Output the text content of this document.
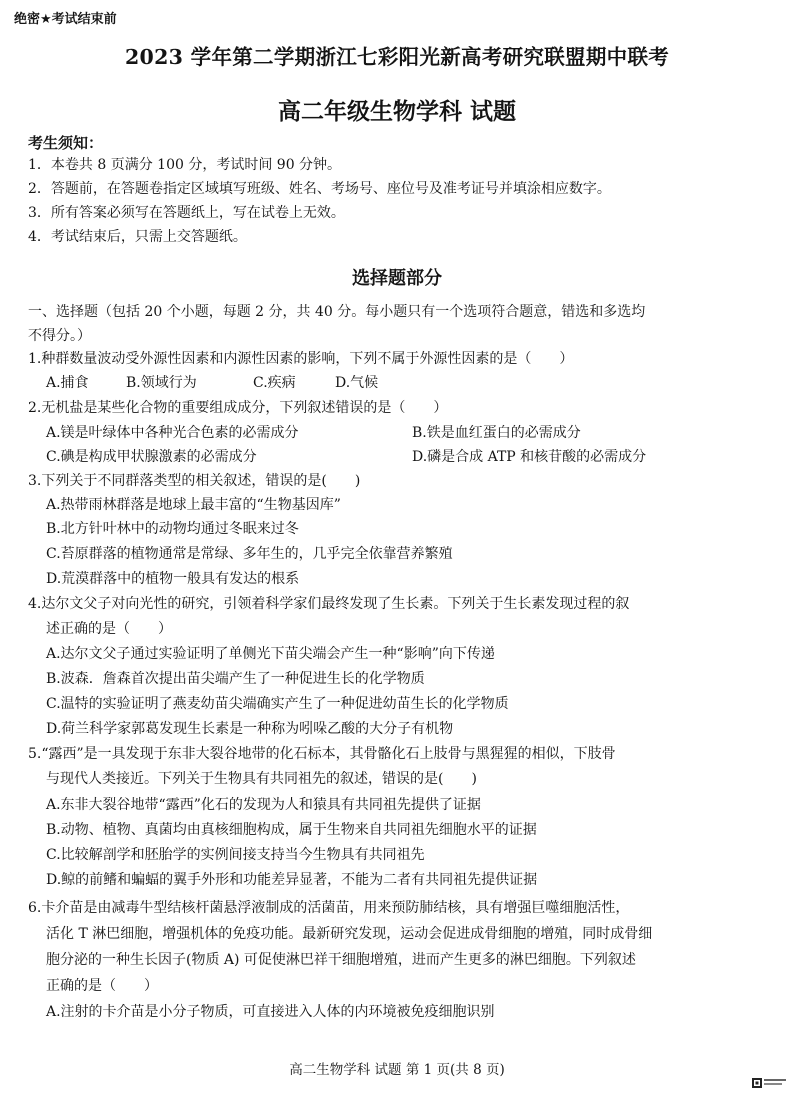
绝密★考试结束前
2023 学年第二学期浙江七彩阳光新高考研究联盟期中联考
高二年级生物学科 试题
考生须知：
1．本卷共 8 页满分 100 分，考试时间 90 分钟。
2．答题前，在答题卷指定区域填写班级、姓名、考场号、座位号及准考证号并填涂相应数字。
3．所有答案必须写在答题纸上，写在试卷上无效。
4．考试结束后，只需上交答题纸。
选择题部分
一、选择题（包括 20 个小题，每题 2 分，共 40 分。每小题只有一个选项符合题意，错选和多选均
不得分。）
1.种群数量波动受外源性因素和内源性因素的影响，下列不属于外源性因素的是（　　）
A.捕食	B.领域行为	C.疾病	D.气候
2.无机盐是某些化合物的重要组成成分，下列叙述错误的是（　　）
A.镁是叶绿体中各种光合色素的必需成分	B.铁是血红蛋白的必需成分
C.碘是构成甲状腺激素的必需成分	D.磷是合成 ATP 和核苷酸的必需成分
3.下列关于不同群落类型的相关叙述，错误的是(　　)
A.热带雨林群落是地球上最丰富的“生物基因库”
B.北方针叶林中的动物均通过冬眠来过冬
C.苔原群落的植物通常是常绿、多年生的，几乎完全依靠营养繁殖
D.荒漠群落中的植物一般具有发达的根系
4.达尔文父子对向光性的研究，引领着科学家们最终发现了生长素。下列关于生长素发现过程的叙
述正确的是（　　）
A.达尔文父子通过实验证明了单侧光下苗尖端会产生一种“影响”向下传递
B.波森．詹森首次提出苗尖端产生了一种促进生长的化学物质
C.温特的实验证明了燕麦幼苗尖端确实产生了一种促进幼苗生长的化学物质
D.荷兰科学家郭葛发现生长素是一种称为吲哚乙酸的大分子有机物
5.“露西”是一具发现于东非大裂谷地带的化石标本，其骨骼化石上肢骨与黑猩猩的相似，下肢骨
与现代人类接近。下列关于生物具有共同祖先的叙述，错误的是(　　)
A.东非大裂谷地带“露西”化石的发现为人和猿具有共同祖先提供了证据
B.动物、植物、真菌均由真核细胞构成，属于生物来自共同祖先细胞水平的证据
C.比较解剖学和胚胎学的实例间接支持当今生物具有共同祖先
D.鲸的前鳍和蝙蝠的翼手外形和功能差异显著，不能为二者有共同祖先提供证据
6.卡介苗是由减毒牛型结核杆菌悬浮液制成的活菌苗，用来预防肺结核，具有增强巨噬细胞活性，
活化 T 淋巴细胞，增强机体的免疫功能。最新研究发现，运动会促进成骨细胞的增殖，同时成骨细
胞分泌的一种生长因子(物质 A) 可促使淋巴祥干细胞增殖，进而产生更多的淋巴细胞。下列叙述
正确的是（　　）
A.注射的卡介苗是小分子物质，可直接进入人体的内环境被免疫细胞识别
高二生物学科 试题 第 1 页(共 8 页)
